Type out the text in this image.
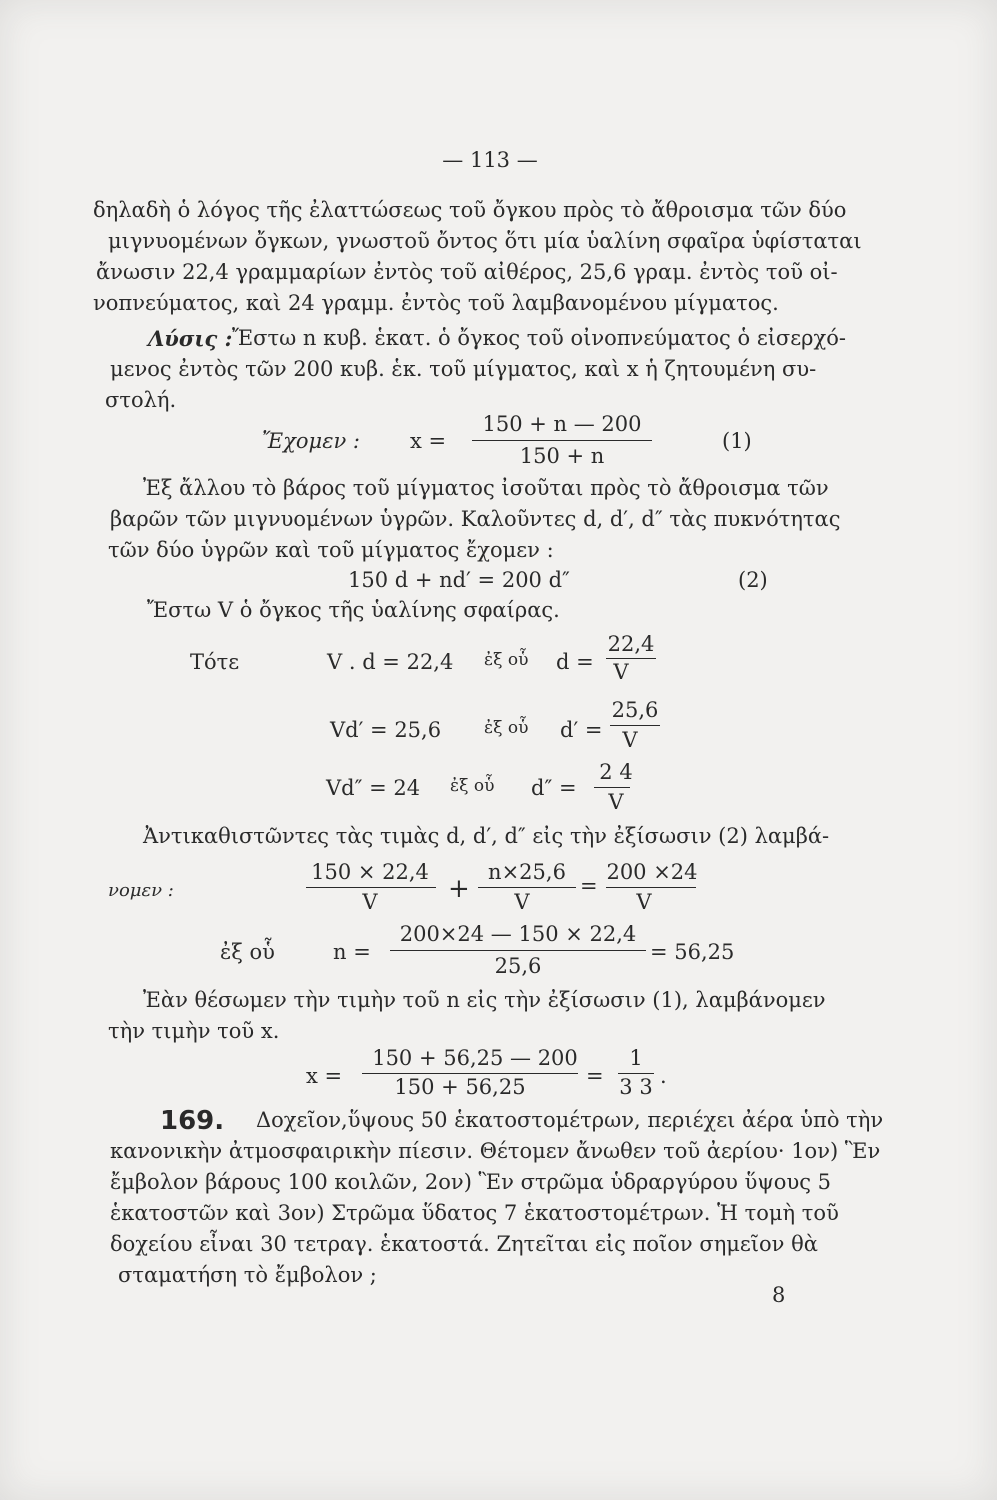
— 113 —
δηλαδὴ ὁ λόγος τῆς ἐλαττώσεως τοῦ ὄγκου πρὸς τὸ ἄθροισμα τῶν δύο
μιγνυομένων ὄγκων, γνωστοῦ ὄντος ὅτι μία ὑαλίνη σφαῖρα ὑφίσταται
ἄνωσιν 22,4 γραμμαρίων ἐντὸς τοῦ αἰθέρος, 25,6 γραμ. ἐντὸς τοῦ οἰ-
νοπνεύματος, καὶ 24 γραμμ. ἐντὸς τοῦ λαμβανομένου μίγματος.
Λύσις : Ἔστω n κυβ. ἑκατ. ὁ ὄγκος τοῦ οἰνοπνεύματος ὁ εἰσερχό-
μενος ἐντὸς τῶν 200 κυβ. ἑκ. τοῦ μίγματος, καὶ x ἡ ζητουμένη συ-
στολή.
Ἔχομεν : x =
150 + n — 200
150 + n
(1)
Ἐξ ἄλλου τὸ βάρος τοῦ μίγματος ἰσοῦται πρὸς τὸ ἄθροισμα τῶν
βαρῶν τῶν μιγνυομένων ὑγρῶν. Καλοῦντες d, d′, d″ τὰς πυκνότητας
τῶν δύο ὑγρῶν καὶ τοῦ μίγματος ἔχομεν :
150 d + nd′ = 200 d″	(2)
Ἔστω V ὁ ὄγκος τῆς ὑαλίνης σφαίρας.
Τότε	V . d = 22,4 ἐξ οὗ d =
22,4
V
Vd′ = 25,6	ἐξ οὗ d′ =
25,6
V
Vd″ = 24 ἐξ οὗ d″ =
2 4
V
Ἀντικαθιστῶντες τὰς τιμὰς d, d′, d″ εἰς τὴν ἐξίσωσιν (2) λαμβά-
νομεν :
150 × 22,4
V	+
n×25,6
V
=
200 ×24
V
ἐξ οὗ	n =
200×24 — 150 × 22,4
25,6
= 56,25
Ἐὰν θέσωμεν τὴν τιμὴν τοῦ n εἰς τὴν ἐξίσωσιν (1), λαμβάνομεν
τὴν τιμὴν τοῦ x.
x =
150 + 56,25 — 200
150 + 56,25	=
1
3 3 .
169. Δοχεῖον,ὕψους 50 ἑκατοστομέτρων, περιέχει ἀέρα ὑπὸ τὴν
κανονικὴν ἀτμοσφαιρικὴν πίεσιν. Θέτομεν ἄνωθεν τοῦ ἀερίου· 1ον) Ἓν
ἔμβολον βάρους 100 κοιλῶν, 2ον) Ἓν στρῶμα ὑδραργύρου ὕψους 5
ἑκατοστῶν καὶ 3ον) Στρῶμα ὕδατος 7 ἑκατοστομέτρων. Ἡ τομὴ τοῦ
δοχείου εἶναι 30 τετραγ. ἑκατοστά. Ζητεῖται εἰς ποῖον σημεῖον θὰ
σταματήση τὸ ἔμβολον ;
8
